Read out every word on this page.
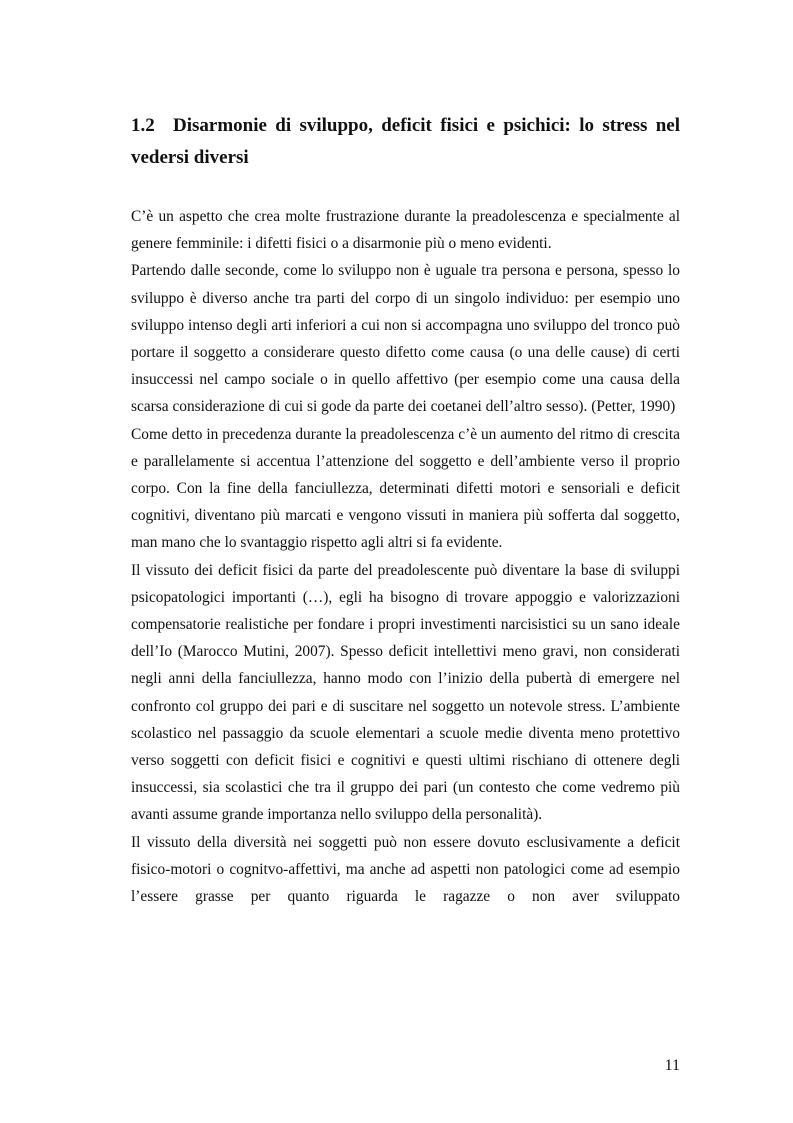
1.2 Disarmonie di sviluppo, deficit fisici e psichici: lo stress nel vedersi diversi

C’è un aspetto che crea molte frustrazione durante la preadolescenza e specialmente al genere femminile: i difetti fisici o a disarmonie più o meno evidenti.

Partendo dalle seconde, come lo sviluppo non è uguale tra persona e persona, spesso lo sviluppo è diverso anche tra parti del corpo di un singolo individuo: per esempio uno sviluppo intenso degli arti inferiori a cui non si accompagna uno sviluppo del tronco può portare il soggetto a considerare questo difetto come causa (o una delle cause) di certi insuccessi nel campo sociale o in quello affettivo (per esempio come una causa della scarsa considerazione di cui si gode da parte dei coetanei dell’altro sesso). (Petter, 1990)

Come detto in precedenza durante la preadolescenza c’è un aumento del ritmo di crescita e parallelamente si accentua l’attenzione del soggetto e dell’ambiente verso il proprio corpo. Con la fine della fanciullezza, determinati difetti motori e sensoriali e deficit cognitivi, diventano più marcati e vengono vissuti in maniera più sofferta dal soggetto, man mano che lo svantaggio rispetto agli altri si fa evidente.

Il vissuto dei deficit fisici da parte del preadolescente può diventare la base di sviluppi psicopatologici importanti (…), egli ha bisogno di trovare appoggio e valorizzazioni compensatorie realistiche per fondare i propri investimenti narcisistici su un sano ideale dell’Io (Marocco Mutini, 2007). Spesso deficit intellettivi meno gravi, non considerati negli anni della fanciullezza, hanno modo con l’inizio della pubertà di emergere nel confronto col gruppo dei pari e di suscitare nel soggetto un notevole stress. L’ambiente scolastico nel passaggio da scuole elementari a scuole medie diventa meno protettivo verso soggetti con deficit fisici e cognitivi e questi ultimi rischiano di ottenere degli insuccessi, sia scolastici che tra il gruppo dei pari (un contesto che come vedremo più avanti assume grande importanza nello sviluppo della personalità).

Il vissuto della diversità nei soggetti può non essere dovuto esclusivamente a deficit fisico-motori o cognitvo-affettivi, ma anche ad aspetti non patologici come ad esempio l’essere grasse per quanto riguarda le ragazze o non aver sviluppato

11
